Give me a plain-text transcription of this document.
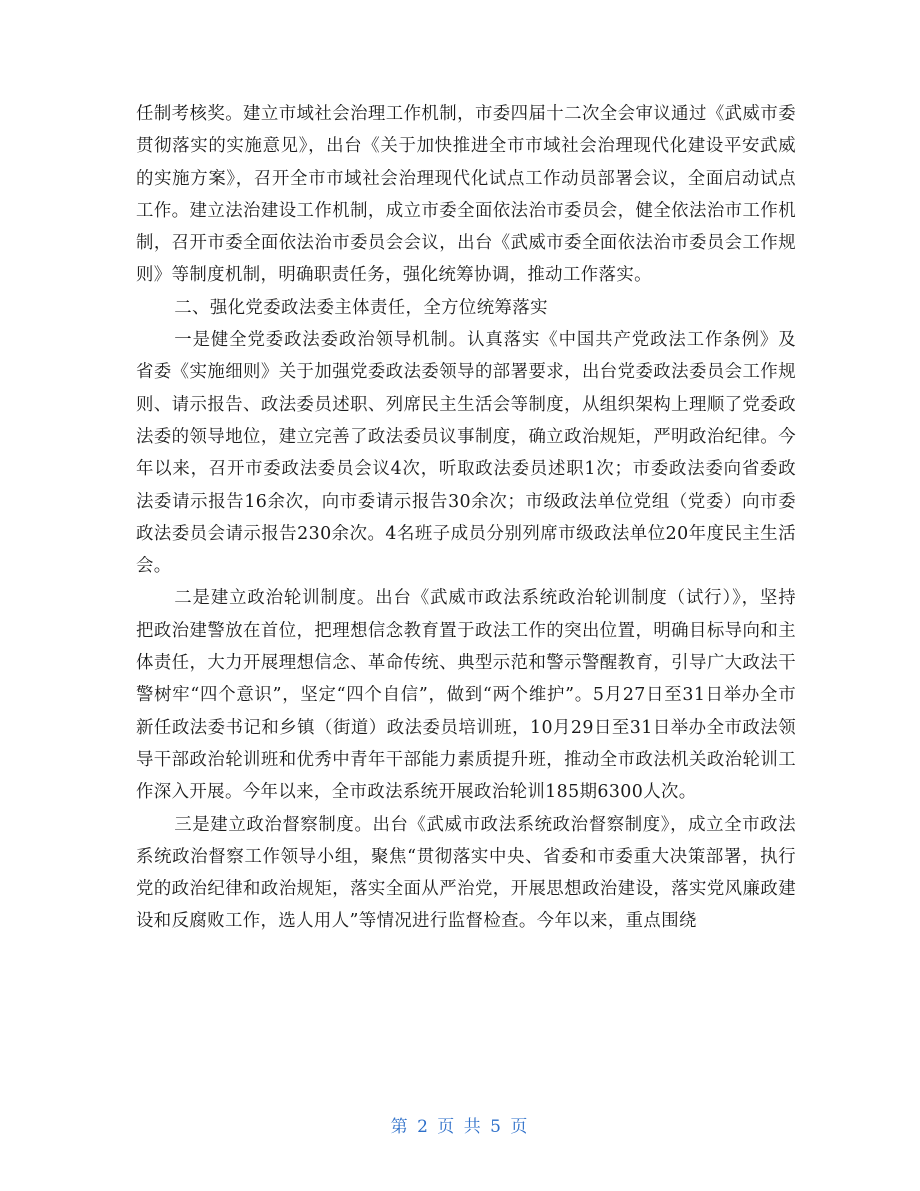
任制考核奖。建立市域社会治理工作机制，市委四届十二次全会审议通过《武威市委贯彻落实的实施意见》，出台《关于加快推进全市市域社会治理现代化建设平安武威的实施方案》，召开全市市域社会治理现代化试点工作动员部署会议，全面启动试点工作。建立法治建设工作机制，成立市委全面依法治市委员会，健全依法治市工作机制，召开市委全面依法治市委员会会议，出台《武威市委全面依法治市委员会工作规则》等制度机制，明确职责任务，强化统筹协调，推动工作落实。

二、强化党委政法委主体责任，全方位统筹落实

一是健全党委政法委政治领导机制。认真落实《中国共产党政法工作条例》及省委《实施细则》关于加强党委政法委领导的部署要求，出台党委政法委员会工作规则、请示报告、政法委员述职、列席民主生活会等制度，从组织架构上理顺了党委政法委的领导地位，建立完善了政法委员议事制度，确立政治规矩，严明政治纪律。今年以来，召开市委政法委员会议4次，听取政法委员述职1次；市委政法委向省委政法委请示报告16余次，向市委请示报告30余次；市级政法单位党组（党委）向市委政法委员会请示报告230余次。4名班子成员分别列席市级政法单位20年度民主生活会。

二是建立政治轮训制度。出台《武威市政法系统政治轮训制度（试行）》，坚持把政治建警放在首位，把理想信念教育置于政法工作的突出位置，明确目标导向和主体责任，大力开展理想信念、革命传统、典型示范和警示警醒教育，引导广大政法干警树牢“四个意识”，坚定“四个自信”，做到“两个维护”。5月27日至31日举办全市新任政法委书记和乡镇（街道）政法委员培训班，10月29日至31日举办全市政法领导干部政治轮训班和优秀中青年干部能力素质提升班，推动全市政法机关政治轮训工作深入开展。今年以来，全市政法系统开展政治轮训185期6300人次。

三是建立政治督察制度。出台《武威市政法系统政治督察制度》，成立全市政法系统政治督察工作领导小组，聚焦“贯彻落实中央、省委和市委重大决策部署，执行党的政治纪律和政治规矩，落实全面从严治党，开展思想政治建设，落实党风廉政建设和反腐败工作，选人用人”等情况进行监督检查。今年以来，重点围绕

第 2 页 共 5 页
